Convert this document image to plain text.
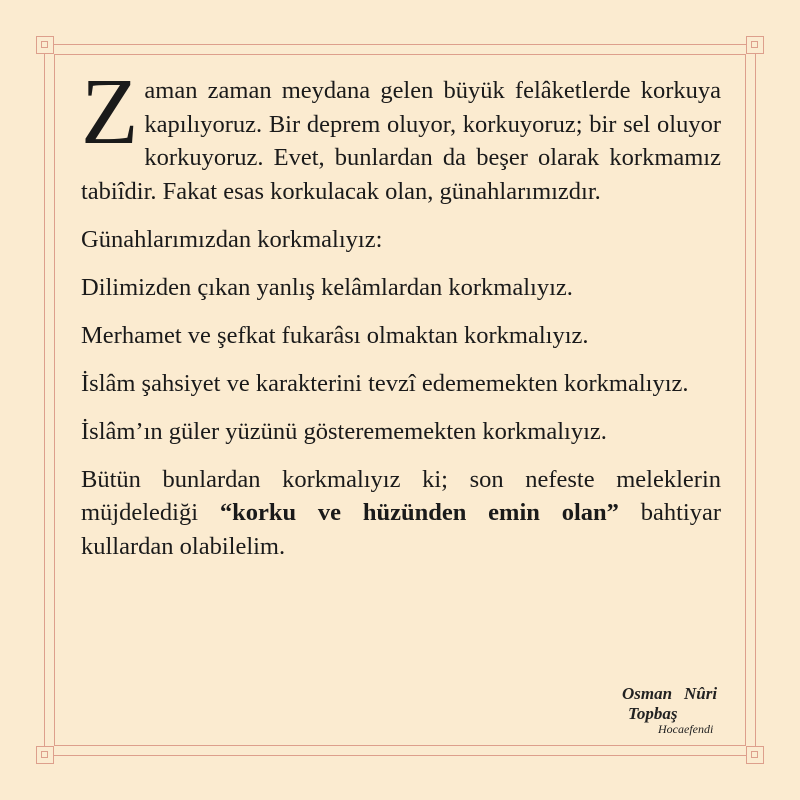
Zaman zaman meydana gelen büyük felâketlerde korkuya kapılıyoruz. Bir deprem oluyor, korkuyoruz; bir sel oluyor korkuyoruz. Evet, bunlardan da beşer olarak korkmamız tabiîdir. Fakat esas korkulacak olan, günahlarımızdır.

Günahlarımızdan korkmalıyız:

Dilimizden çıkan yanlış kelâmlardan korkmalıyız.

Merhamet ve şefkat fukarâsı olmaktan korkmalıyız.

İslâm şahsiyet ve karakterini tevzî edememekten korkmalıyız.

İslâm’ın güler yüzünü gösterememekten korkmalıyız.

Bütün bunlardan korkmalıyız ki; son nefeste meleklerin müjdelediği “korku ve hüzünden emin olan” bahtiyar kullardan olabilelim.

Osman Nûri
Topbaş
Hocaefendi
